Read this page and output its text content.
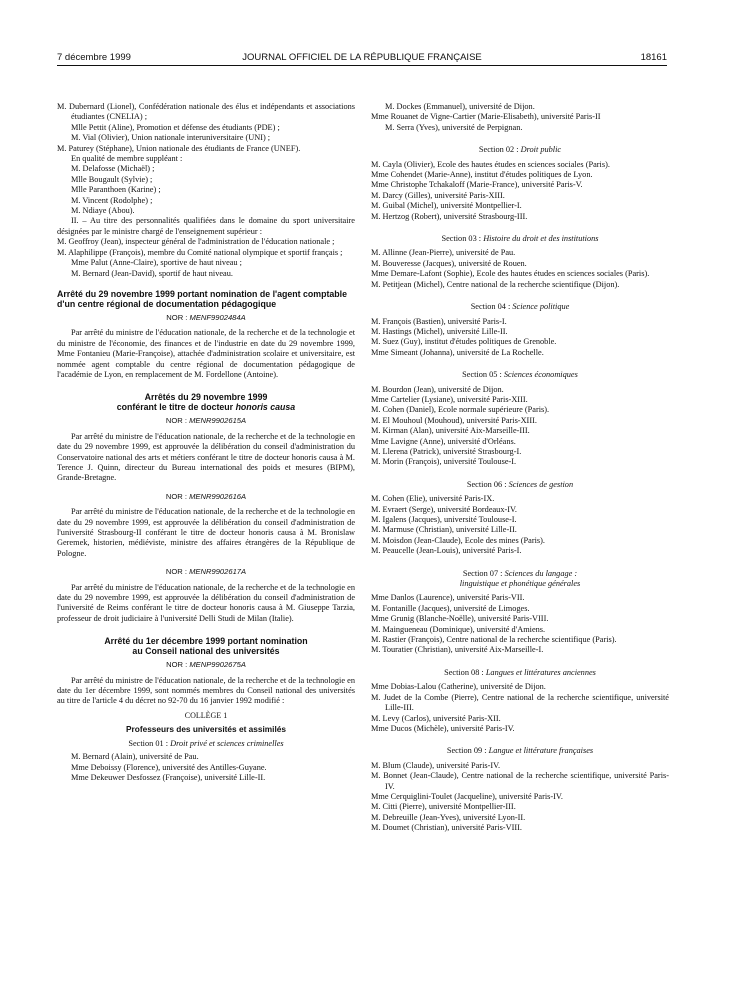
7 décembre 1999	JOURNAL OFFICIEL DE LA RÉPUBLIQUE FRANÇAISE	18161

M. Dubernard (Lionel), Confédération nationale des élus et indépendants et associations étudiantes (CNELIA) ;

Mlle Pettit (Aline), Promotion et défense des étudiants (PDE) ;

M. Vial (Olivier), Union nationale interuniversitaire (UNI) ;

M. Paturey (Stéphane), Union nationale des étudiants de France (UNEF).

En qualité de membre suppléant :

M. Delafosse (Michaël) ;

Mlle Bougault (Sylvie) ;

Mlle Paranthoen (Karine) ;

M. Vincent (Rodolphe) ;

M. Ndiaye (Abou).

II. – Au titre des personnalités qualifiées dans le domaine du sport universitaire désignées par le ministre chargé de l'enseignement supérieur :

M. Geoffroy (Jean), inspecteur général de l'administration de l'éducation nationale ;

M. Alaphilippe (François), membre du Comité national olympique et sportif français ;

Mme Palut (Anne-Claire), sportive de haut niveau ;

M. Bernard (Jean-David), sportif de haut niveau.

Arrêté du 29 novembre 1999 portant nomination de l'agent comptable d'un centre régional de documentation pédagogique
NOR : MENF9902484A

Par arrêté du ministre de l'éducation nationale, de la recherche et de la technologie et du ministre de l'économie, des finances et de l'industrie en date du 29 novembre 1999, Mme Fontanieu (Marie-Françoise), attachée d'administration scolaire et universitaire, est nommée agent comptable du centre régional de documentation pédagogique de l'académie de Lyon, en remplacement de M. Fordellone (Antoine).

Arrêtés du 29 novembre 1999
conférant le titre de docteur honoris causa
NOR : MENR9902615A

Par arrêté du ministre de l'éducation nationale, de la recherche et de la technologie en date du 29 novembre 1999, est approuvée la délibération du conseil d'administration du Conservatoire national des arts et métiers conférant le titre de docteur honoris causa à M. Terence J. Quinn, directeur du Bureau international des poids et mesures (BIPM), Grande-Bretagne.

NOR : MENR9902616A

Par arrêté du ministre de l'éducation nationale, de la recherche et de la technologie en date du 29 novembre 1999, est approuvée la délibération du conseil d'administration de l'université Strasbourg-II conférant le titre de docteur honoris causa à M. Bronislaw Geremek, historien, médiéviste, ministre des affaires étrangères de la République de Pologne.

NOR : MENR9902617A

Par arrêté du ministre de l'éducation nationale, de la recherche et de la technologie en date du 29 novembre 1999, est approuvée la délibération du conseil d'administration de l'université de Reims conférant le titre de docteur honoris causa à M. Giuseppe Tarzia, professeur de droit judiciaire à l'université Delli Studi de Milan (Italie).

Arrêté du 1er décembre 1999 portant nomination
au Conseil national des universités
NOR : MENP9902675A

Par arrêté du ministre de l'éducation nationale, de la recherche et de la technologie en date du 1er décembre 1999, sont nommés membres du Conseil national des universités au titre de l'article 4 du décret no 92-70 du 16 janvier 1992 modifié :

COLLÈGE 1
Professeurs des universités et assimilés
Section 01 : Droit privé et sciences criminelles

M. Bernard (Alain), université de Pau.

Mme Deboissy (Florence), université des Antilles-Guyane.

Mme Dekeuwer Desfossez (Françoise), université Lille-II.

M. Dockes (Emmanuel), université de Dijon.

Mme Rouanet de Vigne-Cartier (Marie-Elisabeth), université Paris-II

M. Serra (Yves), université de Perpignan.

Section 02 : Droit public

M. Cayla (Olivier), Ecole des hautes études en sciences sociales (Paris).

Mme Cohendet (Marie-Anne), institut d'études politiques de Lyon.

Mme Christophe Tchakaloff (Marie-France), université Paris-V.

M. Darcy (Gilles), université Paris-XIII.

M. Guibal (Michel), université Montpellier-I.

M. Hertzog (Robert), université Strasbourg-III.

Section 03 : Histoire du droit et des institutions

M. Allinne (Jean-Pierre), université de Pau.

M. Bouveresse (Jacques), université de Rouen.

Mme Demare-Lafont (Sophie), Ecole des hautes études en sciences sociales (Paris).

M. Petitjean (Michel), Centre national de la recherche scientifique (Dijon).

Section 04 : Science politique

M. François (Bastien), université Paris-I.

M. Hastings (Michel), université Lille-II.

M. Suez (Guy), institut d'études politiques de Grenoble.

Mme Simeant (Johanna), université de La Rochelle.

Section 05 : Sciences économiques

M. Bourdon (Jean), université de Dijon.

Mme Cartelier (Lysiane), université Paris-XIII.

M. Cohen (Daniel), Ecole normale supérieure (Paris).

M. El Mouhoul (Mouhoud), université Paris-XIII.

M. Kirman (Alan), université Aix-Marseille-III.

Mme Lavigne (Anne), université d'Orléans.

M. Llerena (Patrick), université Strasbourg-I.

M. Morin (François), université Toulouse-I.

Section 06 : Sciences de gestion

M. Cohen (Elie), université Paris-IX.

M. Evraert (Serge), université Bordeaux-IV.

M. Igalens (Jacques), université Toulouse-I.

M. Marmuse (Christian), université Lille-II.

M. Moisdon (Jean-Claude), Ecole des mines (Paris).

M. Peaucelle (Jean-Louis), université Paris-I.

Section 07 : Sciences du langage :
linguistique et phonétique générales

Mme Danlos (Laurence), université Paris-VII.

M. Fontanille (Jacques), université de Limoges.

Mme Grunig (Blanche-Noëlle), université Paris-VIII.

M. Maingueneau (Dominique), université d'Amiens.

M. Rastier (François), Centre national de la recherche scientifique (Paris).

M. Touratier (Christian), université Aix-Marseille-I.

Section 08 : Langues et littératures anciennes

Mme Dobias-Lalou (Catherine), université de Dijon.

M. Judet de la Combe (Pierre), Centre national de la recherche scientifique, université Lille-III.

M. Levy (Carlos), université Paris-XII.

Mme Ducos (Michèle), université Paris-IV.

Section 09 : Langue et littérature françaises

M. Blum (Claude), université Paris-IV.

M. Bonnet (Jean-Claude), Centre national de la recherche scientifique, université Paris-IV.

Mme Cerquiglini-Toulet (Jacqueline), université Paris-IV.

M. Citti (Pierre), université Montpellier-III.

M. Debreuille (Jean-Yves), université Lyon-II.

M. Doumet (Christian), université Paris-VIII.
